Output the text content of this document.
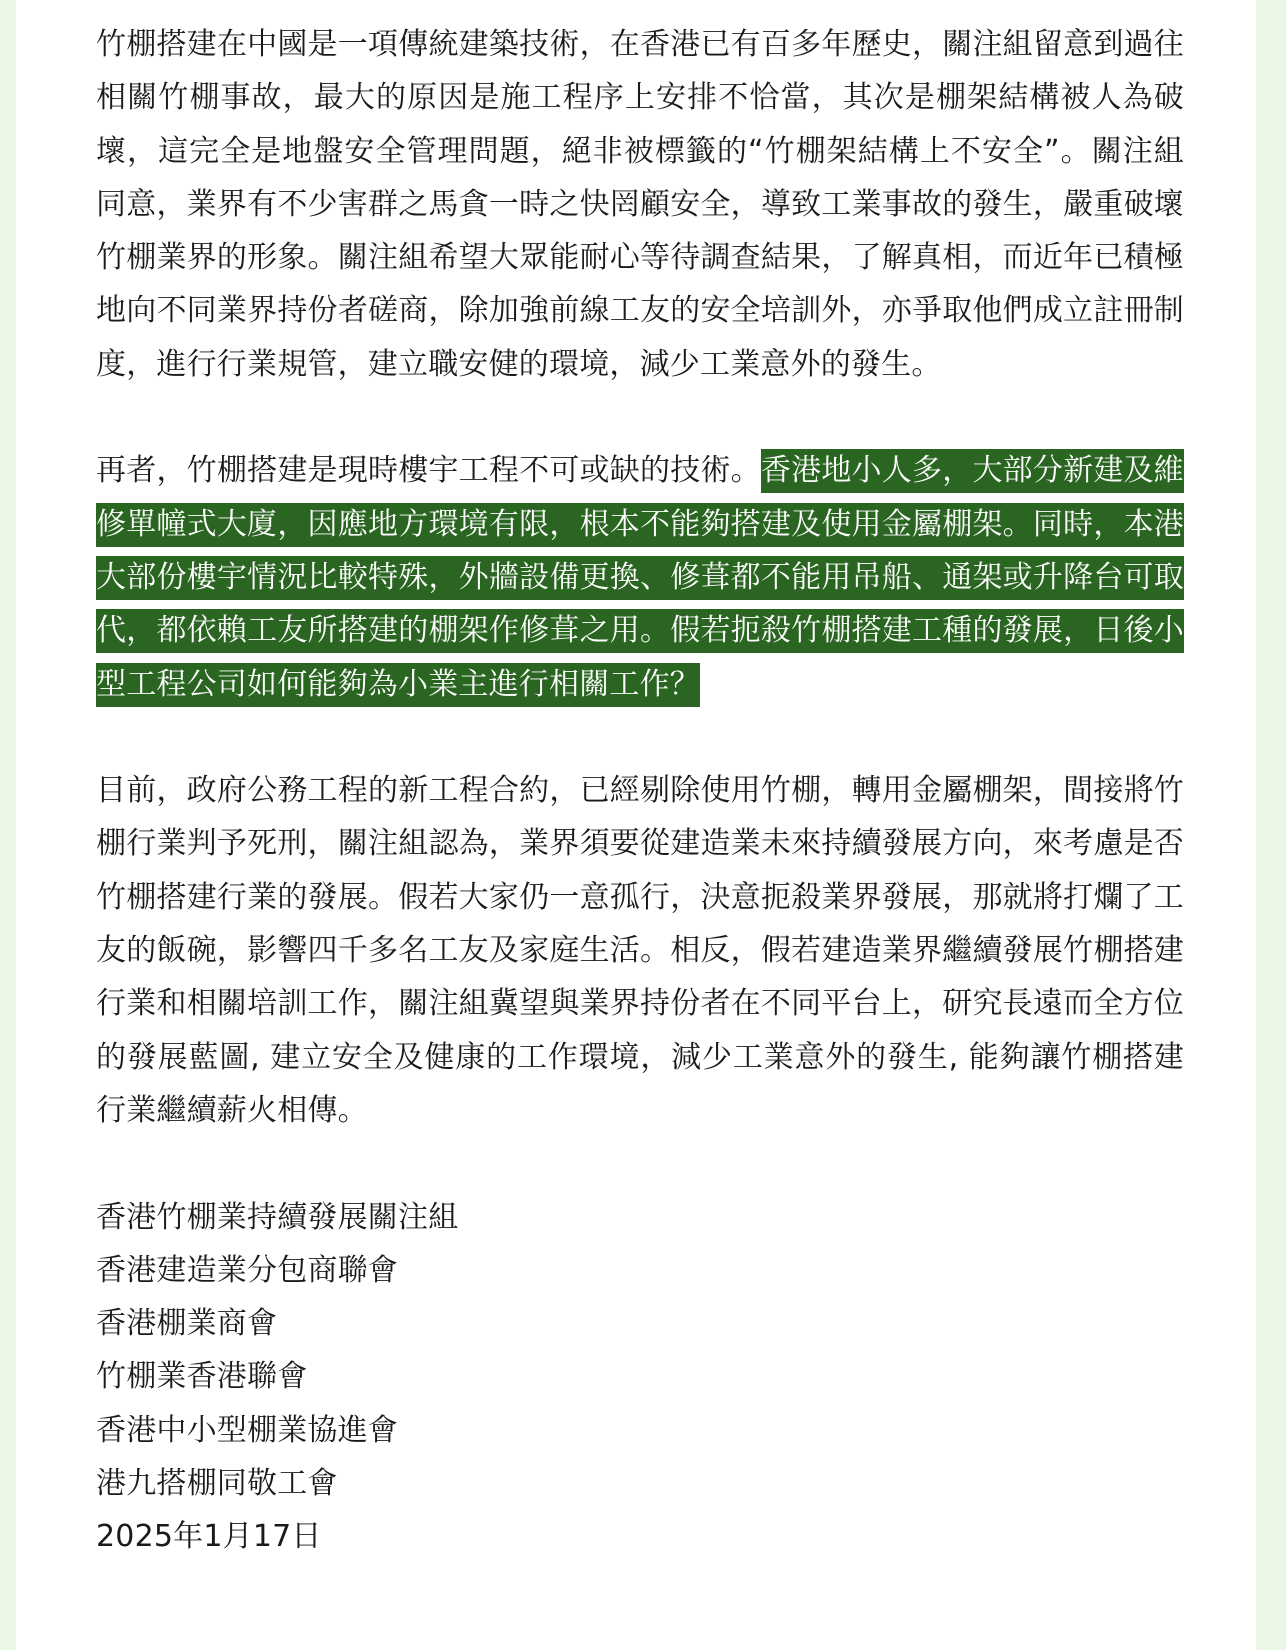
竹棚搭建在中國是一項傳統建築技術，在香港已有百多年歷史，關注組留意到過往相關竹棚事故，最大的原因是施工程序上安排不恰當，其次是棚架結構被人為破壞，這完全是地盤安全管理問題，絕非被標籤的“竹棚架結構上不安全”。關注組同意，業界有不少害群之馬貪一時之快罔顧安全，導致工業事故的發生，嚴重破壞竹棚業界的形象。關注組希望大眾能耐心等待調查結果，了解真相，而近年已積極地向不同業界持份者磋商，除加強前線工友的安全培訓外，亦爭取他們成立註冊制度，進行行業規管，建立職安健的環境，減少工業意外的發生。

再者，竹棚搭建是現時樓宇工程不可或缺的技術。香港地小人多，大部分新建及維修單幢式大廈，因應地方環境有限，根本不能夠搭建及使用金屬棚架。同時，本港大部份樓宇情況比較特殊，外牆設備更換、修葺都不能用吊船、通架或升降台可取代，都依賴工友所搭建的棚架作修葺之用。假若扼殺竹棚搭建工種的發展，日後小型工程公司如何能夠為小業主進行相關工作？

目前，政府公務工程的新工程合約，已經剔除使用竹棚，轉用金屬棚架，間接將竹棚行業判予死刑，關注組認為，業界須要從建造業未來持續發展方向，來考慮是否竹棚搭建行業的發展。假若大家仍一意孤行，決意扼殺業界發展，那就將打爛了工友的飯碗，影響四千多名工友及家庭生活。相反，假若建造業界繼續發展竹棚搭建行業和相關培訓工作，關注組冀望與業界持份者在不同平台上，研究長遠而全方位的發展藍圖, 建立安全及健康的工作環境，減少工業意外的發生, 能夠讓竹棚搭建行業繼續薪火相傳。

香港竹棚業持續發展關注組
香港建造業分包商聯會
香港棚業商會
竹棚業香港聯會
香港中小型棚業協進會
港九搭棚同敬工會
2025年1月17日
